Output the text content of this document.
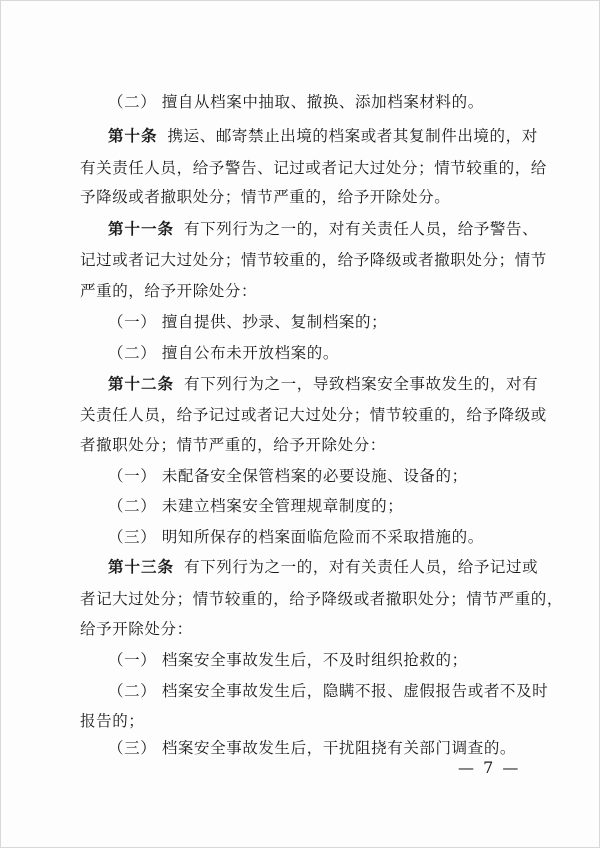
（二） 擅自从档案中抽取、撤换、添加档案材料的。
第十条 携运、邮寄禁止出境的档案或者其复制件出境的，对
有关责任人员，给予警告、记过或者记大过处分；情节较重的，给
予降级或者撤职处分；情节严重的，给予开除处分。
第十一条 有下列行为之一的，对有关责任人员，给予警告、
记过或者记大过处分；情节较重的，给予降级或者撤职处分；情节
严重的，给予开除处分：
（一） 擅自提供、抄录、复制档案的；
（二） 擅自公布未开放档案的。
第十二条 有下列行为之一，导致档案安全事故发生的，对有
关责任人员，给予记过或者记大过处分；情节较重的，给予降级或
者撤职处分；情节严重的，给予开除处分：
（一） 未配备安全保管档案的必要设施、设备的；
（二） 未建立档案安全管理规章制度的；
（三） 明知所保存的档案面临危险而不采取措施的。
第十三条 有下列行为之一的，对有关责任人员，给予记过或
者记大过处分；情节较重的，给予降级或者撤职处分；情节严重的，
给予开除处分：
（一） 档案安全事故发生后，不及时组织抢救的；
（二） 档案安全事故发生后，隐瞒不报、虚假报告或者不及时
报告的；
（三） 档案安全事故发生后，干扰阻挠有关部门调查的。
— 7 —
